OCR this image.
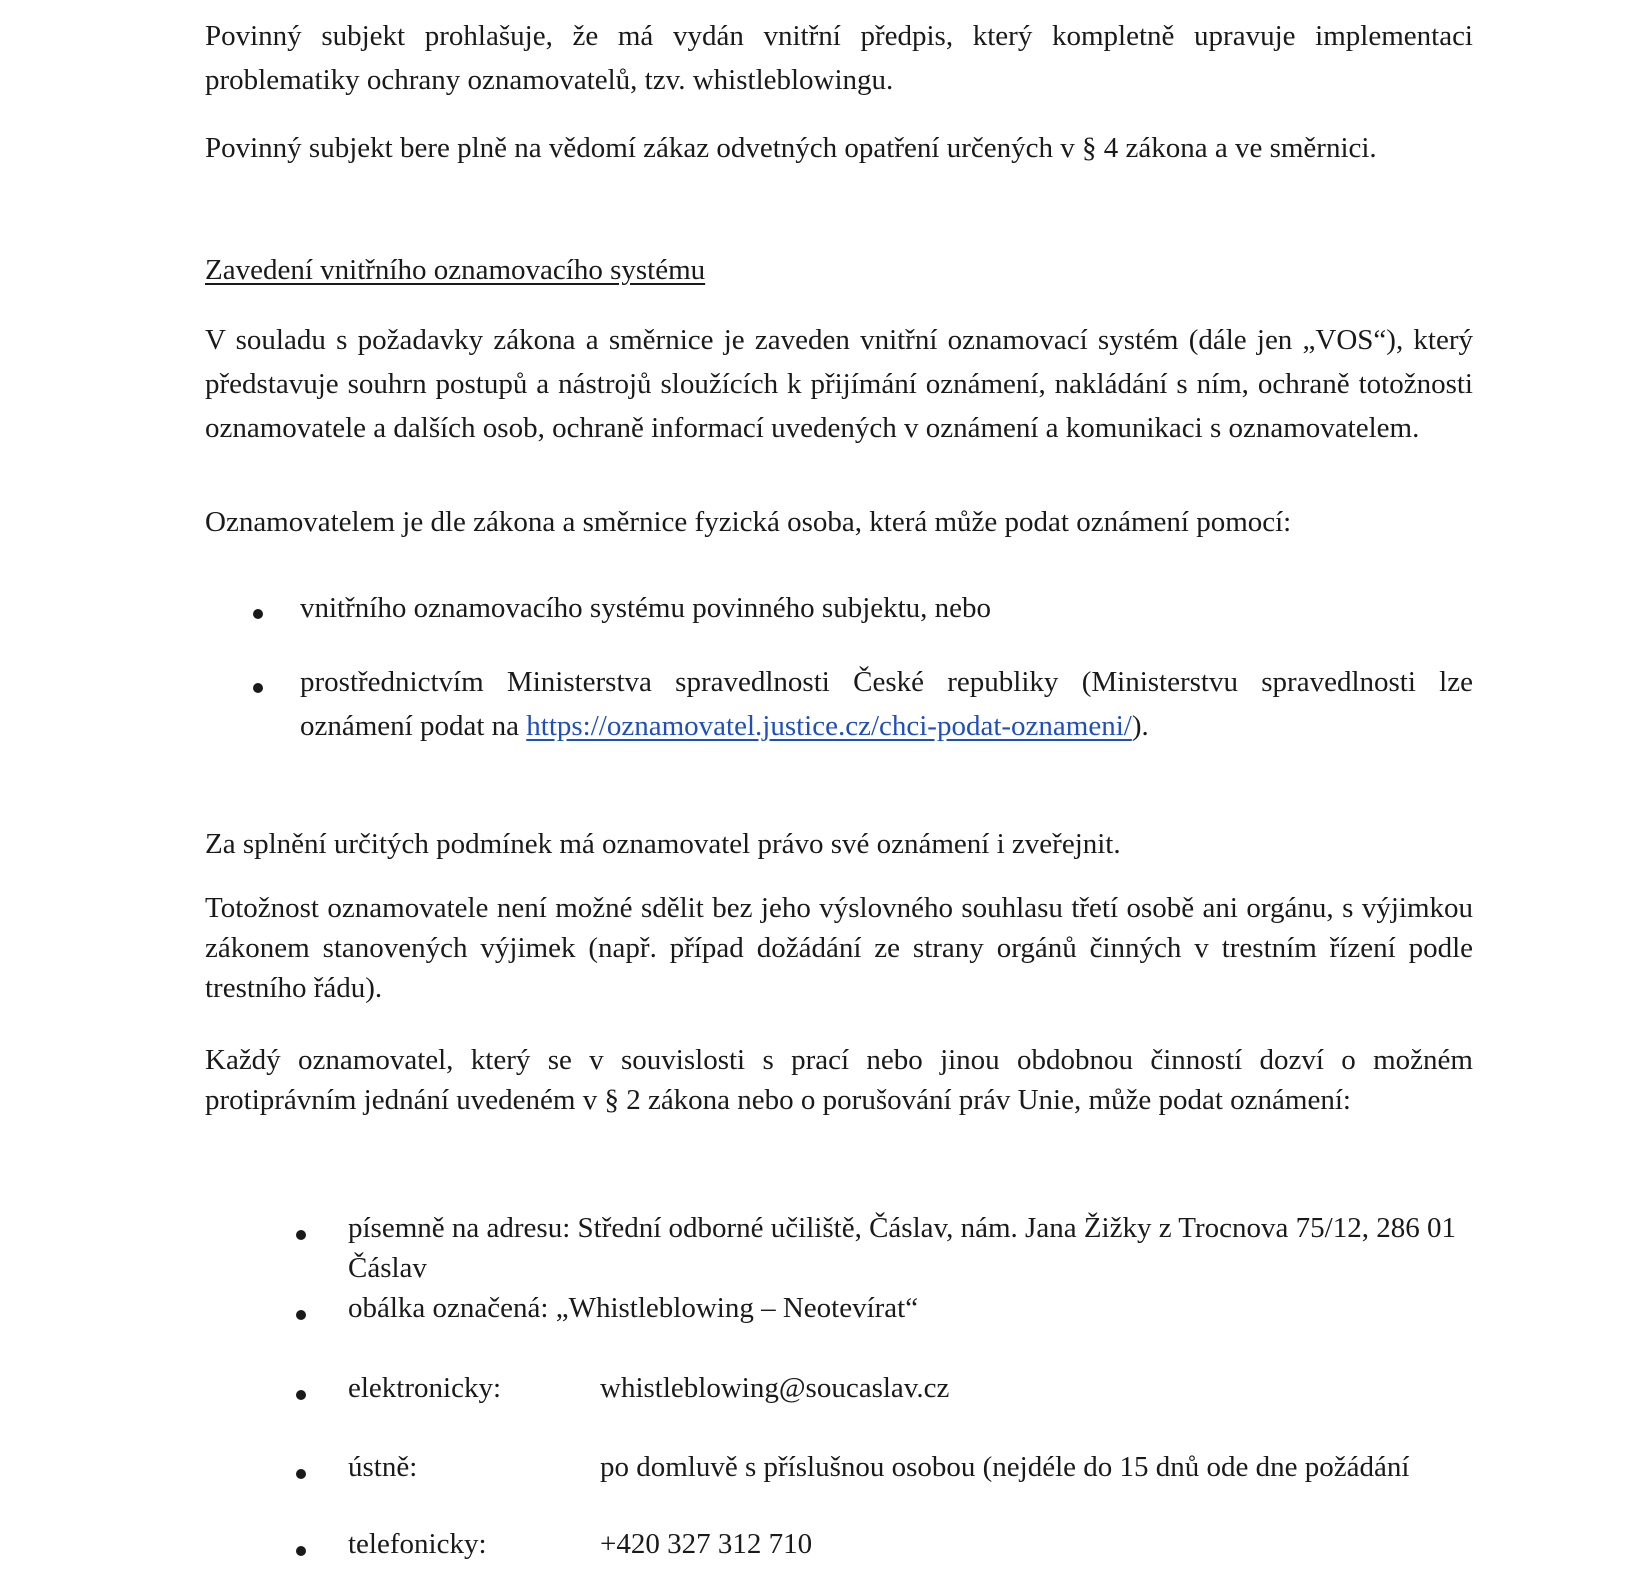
Povinný subjekt prohlašuje, že má vydán vnitřní předpis, který kompletně upravuje implementaci problematiky ochrany oznamovatelů, tzv. whistleblowingu.

Povinný subjekt bere plně na vědomí zákaz odvetných opatření určených v § 4 zákona a ve směrnici.

Zavedení vnitřního oznamovacího systému

V souladu s požadavky zákona a směrnice je zaveden vnitřní oznamovací systém (dále jen „VOS“), který představuje souhrn postupů a nástrojů sloužících k přijímání oznámení, nakládání s ním, ochraně totožnosti oznamovatele a dalších osob, ochraně informací uvedených v oznámení a komunikaci s oznamovatelem.

Oznamovatelem je dle zákona a směrnice fyzická osoba, která může podat oznámení pomocí:

vnitřního oznamovacího systému povinného subjektu, nebo

prostřednictvím Ministerstva spravedlnosti České republiky (Ministerstvu spravedlnosti lze oznámení podat na https://oznamovatel.justice.cz/chci-podat-oznameni/).

Za splnění určitých podmínek má oznamovatel právo své oznámení i zveřejnit.

Totožnost oznamovatele není možné sdělit bez jeho výslovného souhlasu třetí osobě ani orgánu, s výjimkou zákonem stanovených výjimek (např. případ dožádání ze strany orgánů činných v trestním řízení podle trestního řádu).

Každý oznamovatel, který se v souvislosti s prací nebo jinou obdobnou činností dozví o možném protiprávním jednání uvedeném v § 2 zákona nebo o porušování práv Unie, může podat oznámení:

písemně na adresu: Střední odborné učiliště, Čáslav, nám. Jana Žižky z Trocnova 75/12, 286 01 Čáslav

obálka označená: „Whistleblowing – Neotevírat“

elektronicky:	whistleblowing@soucaslav.cz
ústně:	po domluvě s příslušnou osobou (nejdéle do 15 dnů ode dne požádání
telefonicky:	+420 327 312 710
